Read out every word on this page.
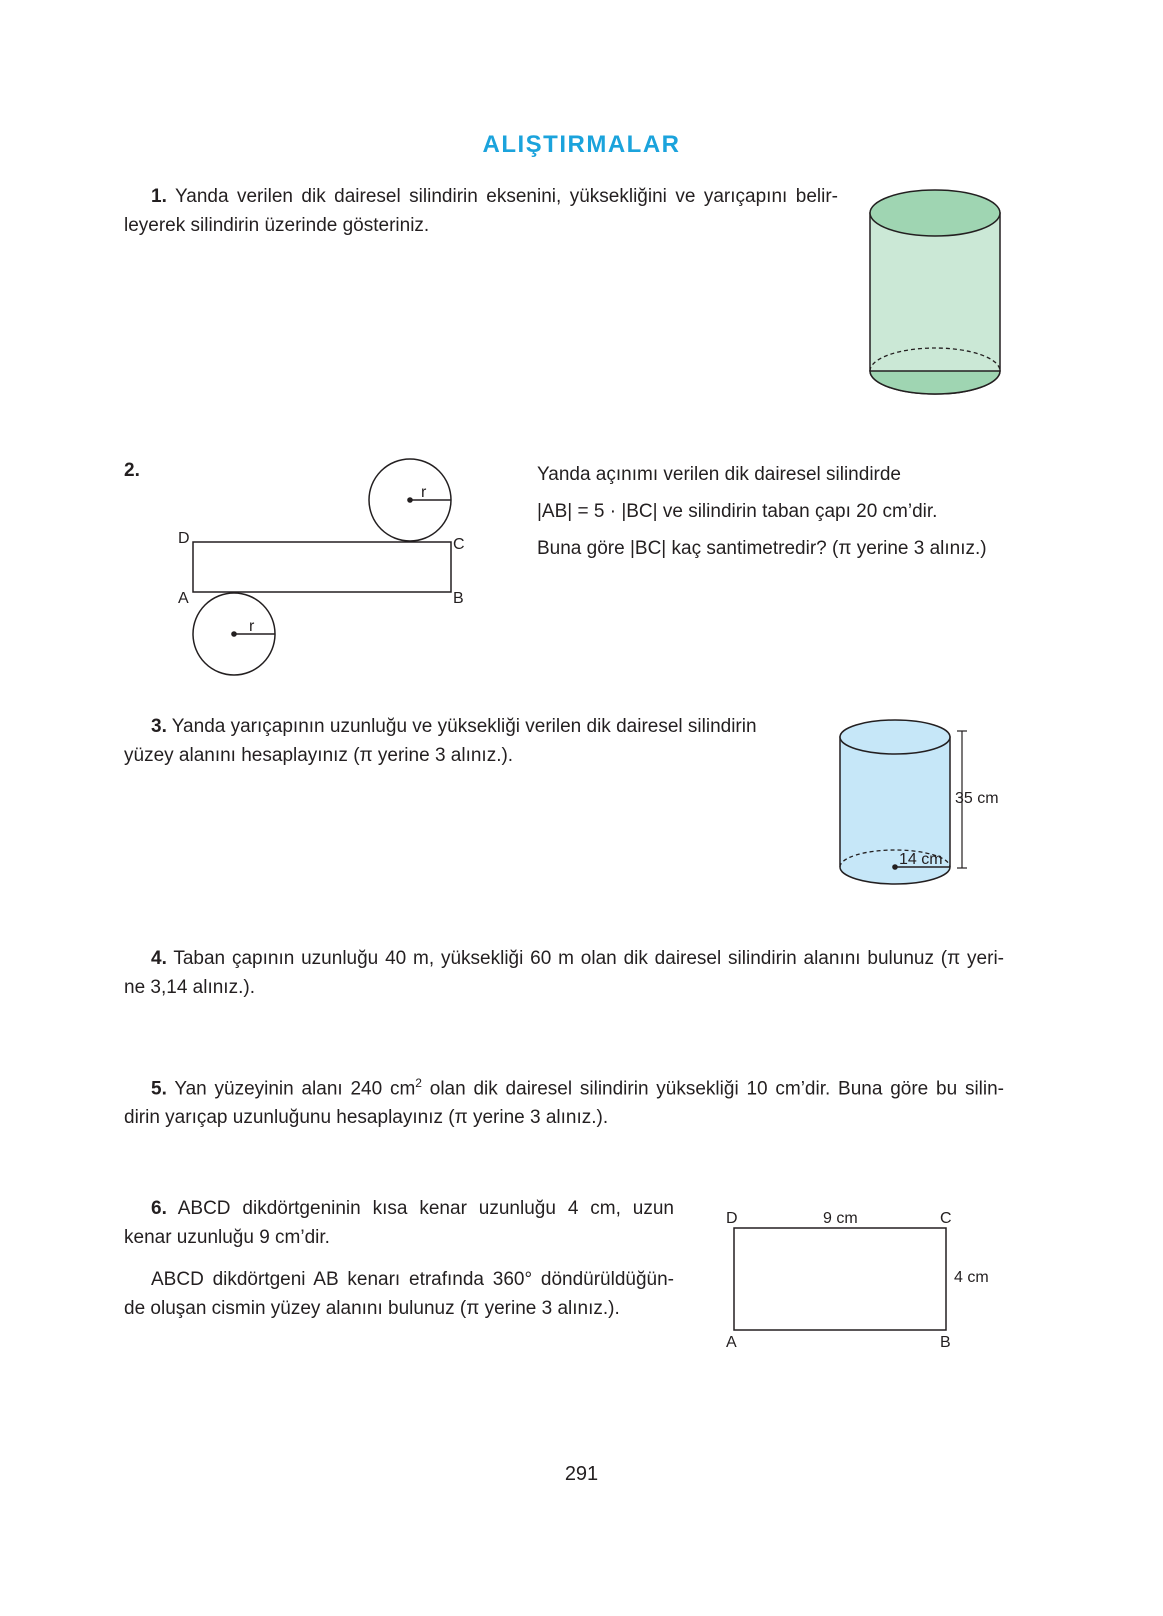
ALIŞTIRMALAR
1. Yanda verilen dik dairesel silindirin eksenini, yüksekliğini ve yarıçapını belir-
leyerek silindirin üzerinde gösteriniz.
2.
r
r
D	C
A	B
Yanda açınımı verilen dik dairesel silindirde
|AB| = 5 · |BC| ve silindirin taban çapı 20 cm’dir.
Buna göre |BC| kaç santimetredir? (π yerine 3 alınız.)
3. Yanda yarıçapının uzunluğu ve yüksekliği verilen dik dairesel silindirin
yüzey alanını hesaplayınız (π yerine 3 alınız.).
14 cm
35 cm
4. Taban çapının uzunluğu 40 m, yüksekliği 60 m olan dik dairesel silindirin alanını bulunuz (π yeri-
ne 3,14 alınız.).
5. Yan yüzeyinin alanı 240 $cm^2$ olan dik dairesel silindirin yüksekliği 10 cm’dir. Buna göre bu silin-
dirin yarıçap uzunluğunu hesaplayınız (π yerine 3 alınız.).
6. ABCD dikdörtgeninin kısa kenar uzunluğu 4 cm, uzun
kenar uzunluğu 9 cm’dir.
ABCD dikdörtgeni AB kenarı etrafında 360° döndürüldüğün-
de oluşan cismin yüzey alanını bulunuz (π yerine 3 alınız.).
D	C
A	B
9 cm
4 cm
291
